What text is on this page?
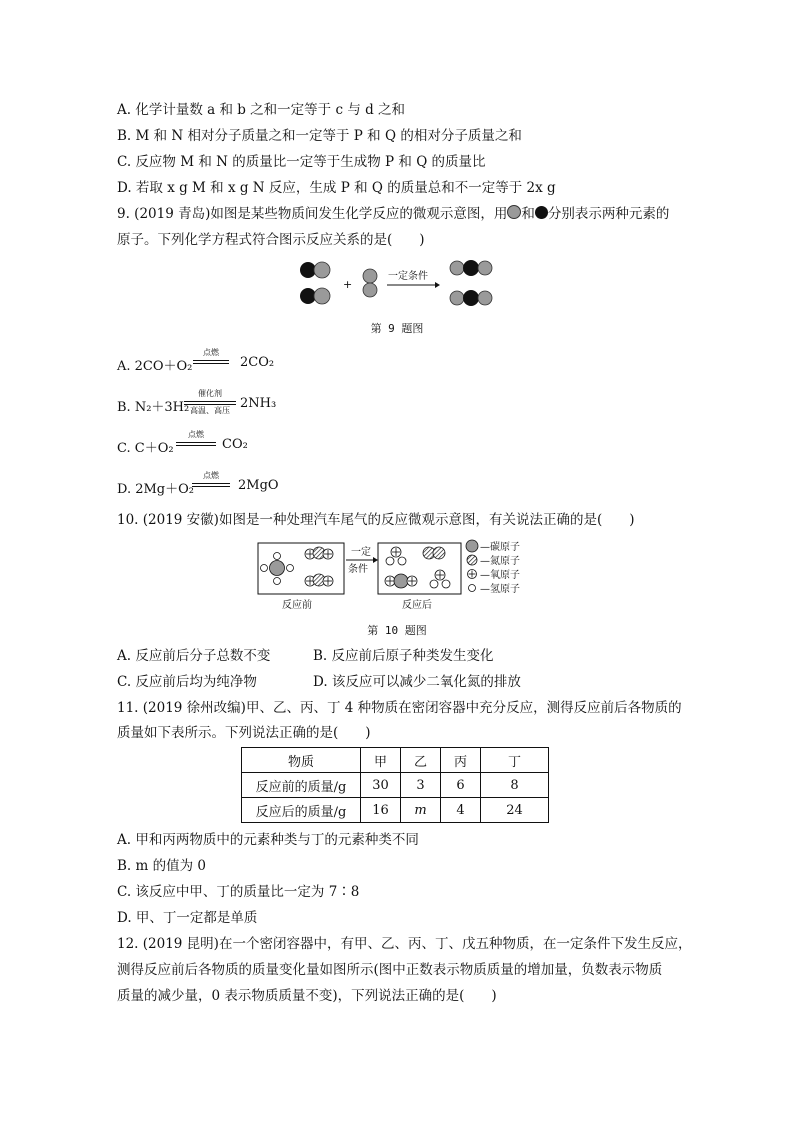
A. 化学计量数 a 和 b 之和一定等于 c 与 d 之和
B. M 和 N 相对分子质量之和一定等于 P 和 Q 的相对分子质量之和
C. 反应物 M 和 N 的质量比一定等于生成物 P 和 Q 的质量比
D. 若取 x g M 和 x g N 反应，生成 P 和 Q 的质量总和不一定等于 2x g
9. (2019 青岛)如图是某些物质间发生化学反应的微观示意图，用 和 分别表示两种元素的
原子。下列化学方程式符合图示反应关系的是(　　)
+
一定条件
第 9 题图
A. 2CO＋O₂
点燃
2CO₂
B. N₂＋3H₂
催化剂
高温、高压 2NH₃
C. C＋O₂
点燃
CO₂
D. 2Mg＋O₂
点燃
2MgO
10. (2019 安徽)如图是一种处理汽车尾气的反应微观示意图，有关说法正确的是(　　)
反应前
一定
条件
反应后
—碳原子
—氮原子
—氧原子
—氢原子
第 10 题图
A. 反应前后分子总数不变	B. 反应前后原子种类发生变化
C. 反应前后均为纯净物	D. 该反应可以减少二氧化氮的排放
11. (2019 徐州改编)甲、乙、丙、丁 4 种物质在密闭容器中充分反应，测得反应前后各物质的
质量如下表所示。下列说法正确的是(　　)
物质	甲	乙	丙	丁
反应前的质量/g	30	3	6	8
反应后的质量/g	16	m	4	24
A. 甲和丙两物质中的元素种类与丁的元素种类不同
B. m 的值为 0
C. 该反应中甲、丁的质量比一定为 7∶8
D. 甲、丁一定都是单质
12. (2019 昆明)在一个密闭容器中，有甲、乙、丙、丁、戊五种物质，在一定条件下发生反应，
测得反应前后各物质的质量变化量如图所示(图中正数表示物质质量的增加量，负数表示物质
质量的减少量，0 表示物质质量不变)，下列说法正确的是(　　)
